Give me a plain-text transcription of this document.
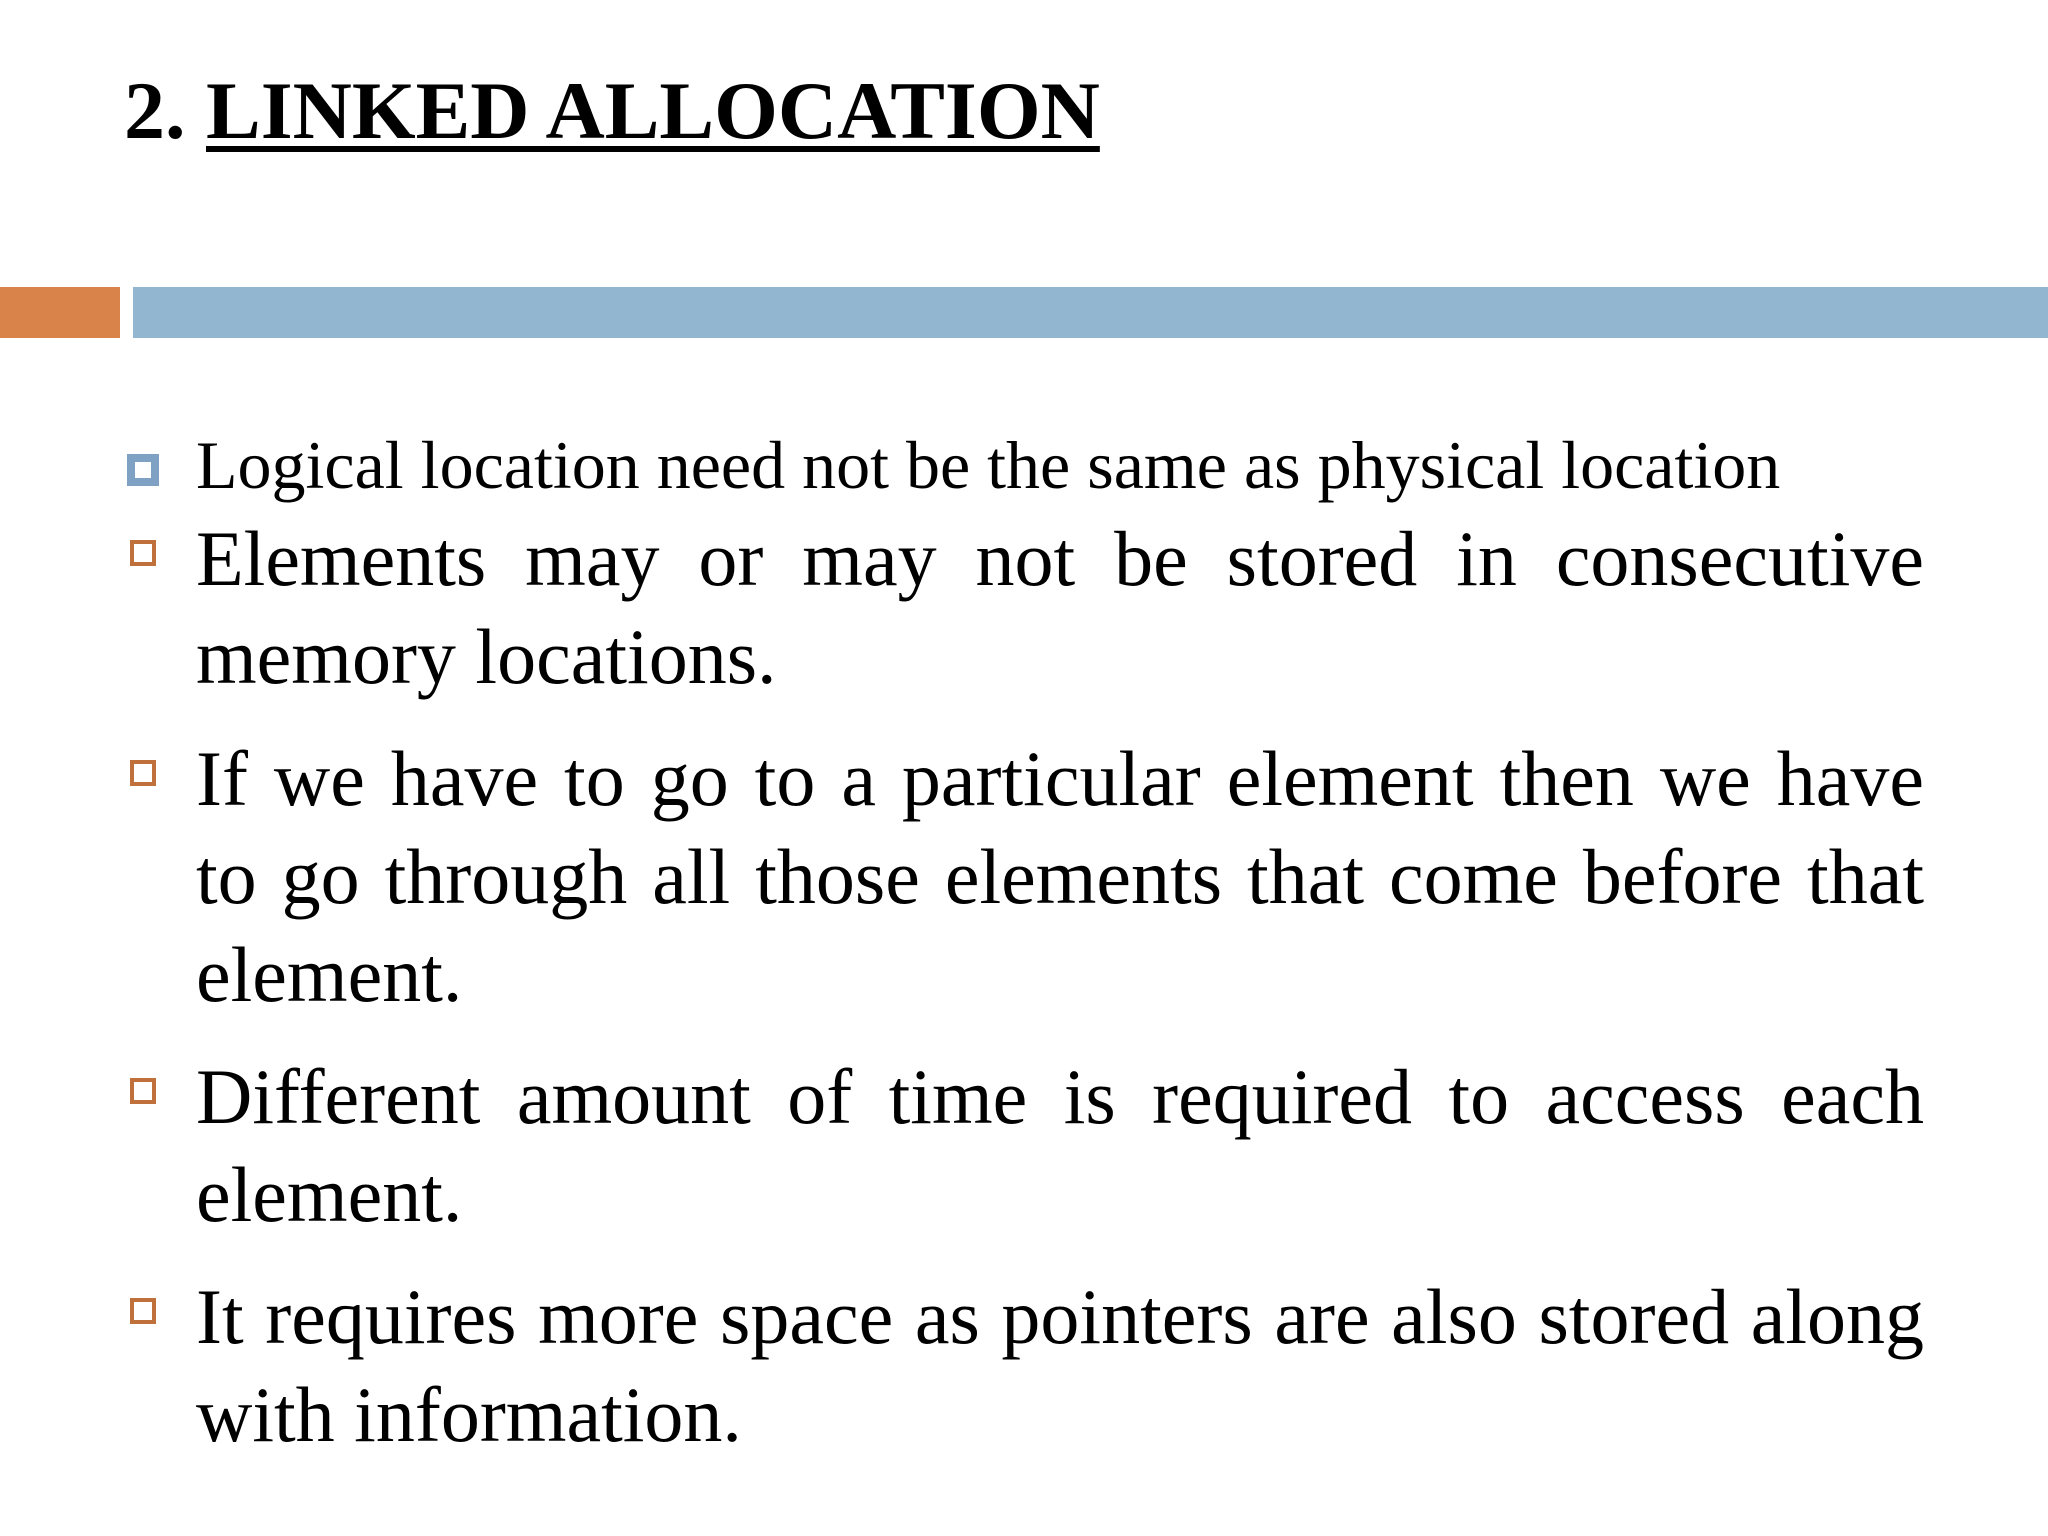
2. LINKED ALLOCATION
Logical location need not be the same as physical location
Elements may or may not be stored in consecutive memory locations.
If we have to go to a particular element then we have to go through all those elements that come before that element.
Different amount of time is required to access each element.
It requires more space as pointers are also stored along with information.
